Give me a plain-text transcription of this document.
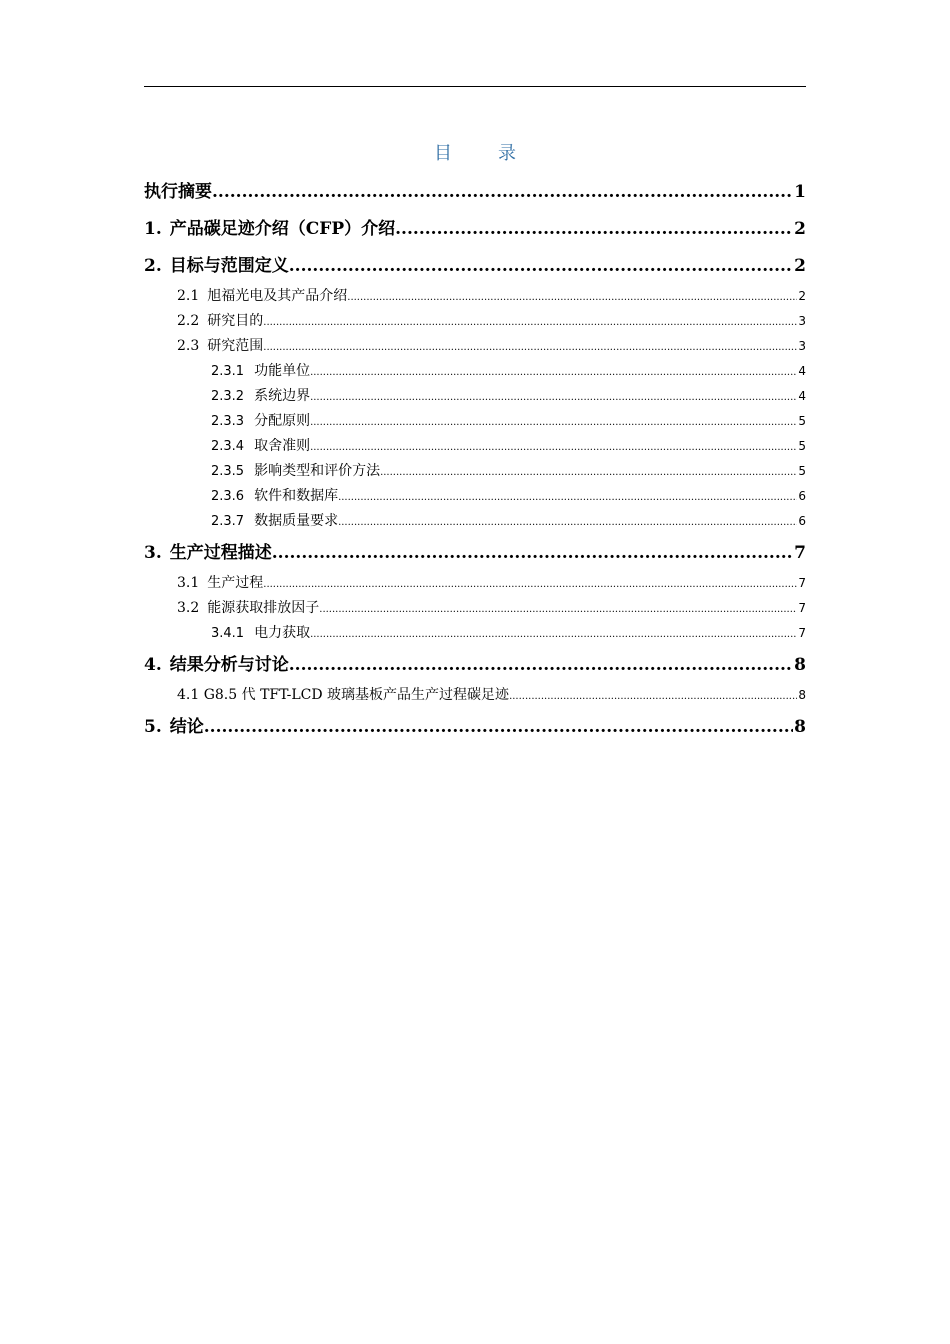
目　录
执行摘要 .....	1
1. 产品碳足迹介绍（CFP）介绍 .....	2
2. 目标与范围定义 .....	2
2.1 旭福光电及其产品介绍 .....	2
2.2 研究目的 .....	3
2.3 研究范围 .....	3
2.3.1 功能单位 .....	4
2.3.2 系统边界 .....	4
2.3.3 分配原则 .....	5
2.3.4 取舍准则 .....	5
2.3.5 影响类型和评价方法 .....	5
2.3.6 软件和数据库 .....	6
2.3.7 数据质量要求 .....	6
3. 生产过程描述 .....	7
3.1 生产过程 .....	7
3.2 能源获取排放因子 .....	7
3.4.1 电力获取 .....	7
4. 结果分析与讨论 .....	8
4.1 G8.5 代 TFT-LCD 玻璃基板产品生产过程碳足迹 .....	8
5. 结论 .....	8
